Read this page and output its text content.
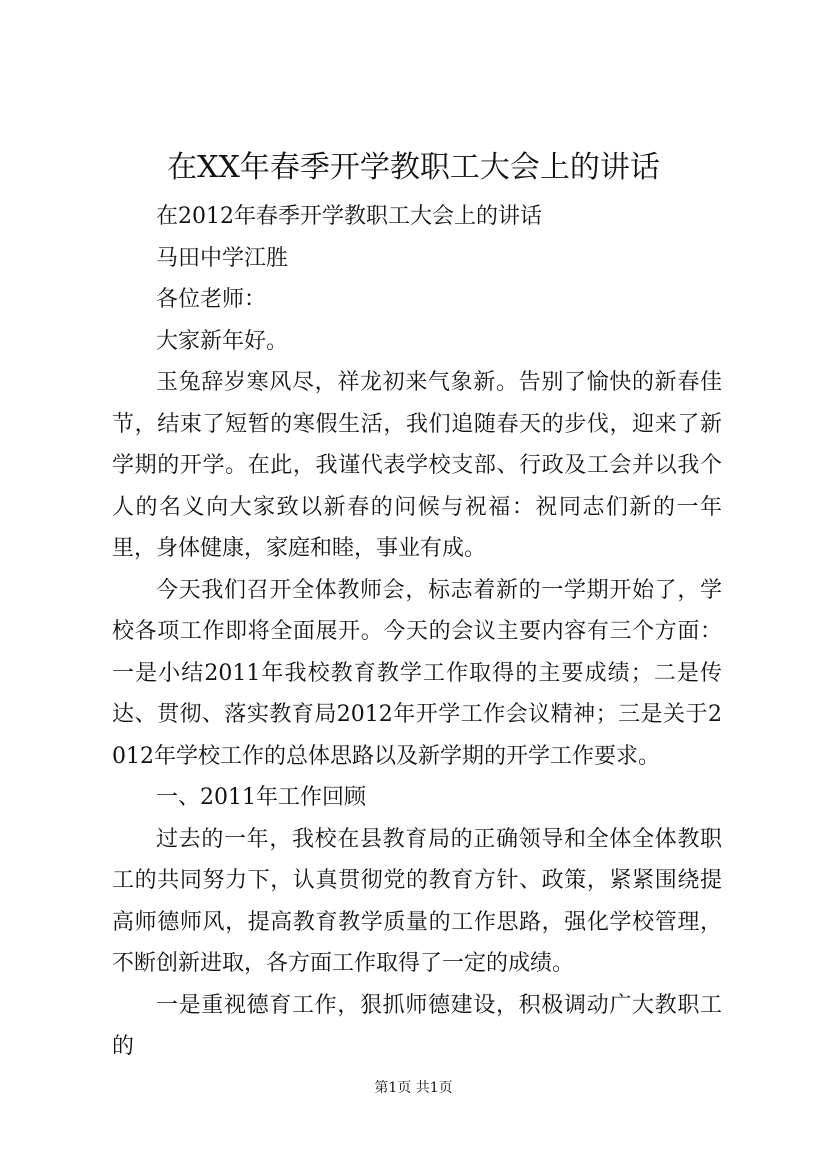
在XX年春季开学教职工大会上的讲话

在2012年春季开学教职工大会上的讲话

马田中学江胜

各位老师：

大家新年好。

玉兔辞岁寒风尽，祥龙初来气象新。告别了愉快的新春佳节，结束了短暂的寒假生活，我们追随春天的步伐，迎来了新学期的开学。在此，我谨代表学校支部、行政及工会并以我个人的名义向大家致以新春的问候与祝福：祝同志们新的一年里，身体健康，家庭和睦，事业有成。

今天我们召开全体教师会，标志着新的一学期开始了，学校各项工作即将全面展开。今天的会议主要内容有三个方面：一是小结2011年我校教育教学工作取得的主要成绩；二是传达、贯彻、落实教育局2012年开学工作会议精神；三是关于2012年学校工作的总体思路以及新学期的开学工作要求。

一、2011年工作回顾

过去的一年，我校在县教育局的正确领导和全体全体教职工的共同努力下，认真贯彻党的教育方针、政策，紧紧围绕提高师德师风，提高教育教学质量的工作思路，强化学校管理，不断创新进取，各方面工作取得了一定的成绩。

一是重视德育工作，狠抓师德建设，积极调动广大教职工的

第1页 共1页
